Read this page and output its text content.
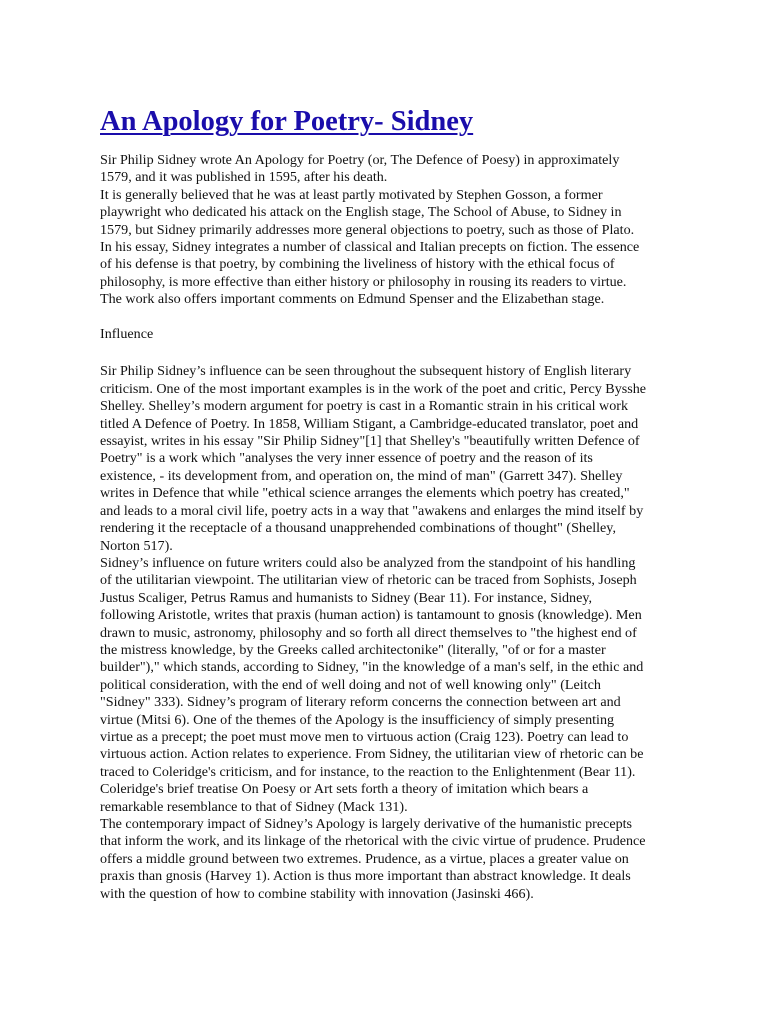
An Apology for Poetry- Sidney

Sir Philip Sidney wrote An Apology for Poetry (or, The Defence of Poesy) in approximately
1579, and it was published in 1595, after his death.
It is generally believed that he was at least partly motivated by Stephen Gosson, a former
playwright who dedicated his attack on the English stage, The School of Abuse, to Sidney in
1579, but Sidney primarily addresses more general objections to poetry, such as those of Plato.
In his essay, Sidney integrates a number of classical and Italian precepts on fiction. The essence
of his defense is that poetry, by combining the liveliness of history with the ethical focus of
philosophy, is more effective than either history or philosophy in rousing its readers to virtue.
The work also offers important comments on Edmund Spenser and the Elizabethan stage.

Influence

Sir Philip Sidney’s influence can be seen throughout the subsequent history of English literary
criticism. One of the most important examples is in the work of the poet and critic, Percy Bysshe
Shelley. Shelley’s modern argument for poetry is cast in a Romantic strain in his critical work
titled A Defence of Poetry. In 1858, William Stigant, a Cambridge-educated translator, poet and
essayist, writes in his essay "Sir Philip Sidney"[1] that Shelley's "beautifully written Defence of
Poetry" is a work which "analyses the very inner essence of poetry and the reason of its
existence, - its development from, and operation on, the mind of man" (Garrett 347). Shelley
writes in Defence that while "ethical science arranges the elements which poetry has created,"
and leads to a moral civil life, poetry acts in a way that "awakens and enlarges the mind itself by
rendering it the receptacle of a thousand unapprehended combinations of thought" (Shelley,
Norton 517).
Sidney’s influence on future writers could also be analyzed from the standpoint of his handling
of the utilitarian viewpoint. The utilitarian view of rhetoric can be traced from Sophists, Joseph
Justus Scaliger, Petrus Ramus and humanists to Sidney (Bear 11). For instance, Sidney,
following Aristotle, writes that praxis (human action) is tantamount to gnosis (knowledge). Men
drawn to music, astronomy, philosophy and so forth all direct themselves to "the highest end of
the mistress knowledge, by the Greeks called architectonike" (literally, "of or for a master
builder")," which stands, according to Sidney, "in the knowledge of a man's self, in the ethic and
political consideration, with the end of well doing and not of well knowing only" (Leitch
"Sidney" 333). Sidney’s program of literary reform concerns the connection between art and
virtue (Mitsi 6). One of the themes of the Apology is the insufficiency of simply presenting
virtue as a precept; the poet must move men to virtuous action (Craig 123). Poetry can lead to
virtuous action. Action relates to experience. From Sidney, the utilitarian view of rhetoric can be
traced to Coleridge's criticism, and for instance, to the reaction to the Enlightenment (Bear 11).
Coleridge's brief treatise On Poesy or Art sets forth a theory of imitation which bears a
remarkable resemblance to that of Sidney (Mack 131).
The contemporary impact of Sidney’s Apology is largely derivative of the humanistic precepts
that inform the work, and its linkage of the rhetorical with the civic virtue of prudence. Prudence
offers a middle ground between two extremes. Prudence, as a virtue, places a greater value on
praxis than gnosis (Harvey 1). Action is thus more important than abstract knowledge. It deals
with the question of how to combine stability with innovation (Jasinski 466).
